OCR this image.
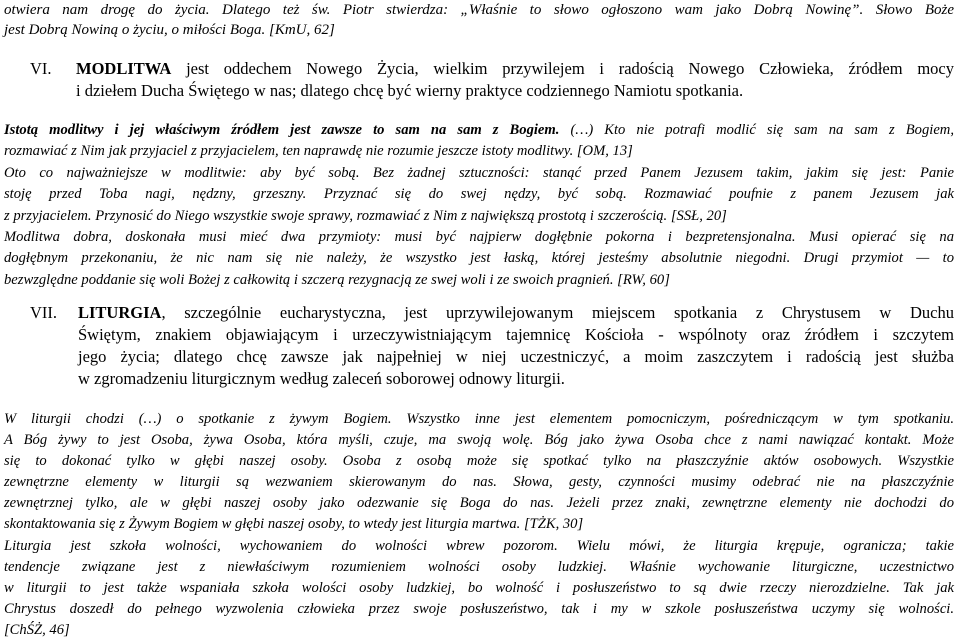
otwiera nam drogę do życia. Dlatego też św. Piotr stwierdza: „Właśnie to słowo ogłoszono wam jako Dobrą Nowinę”. Słowo Boże
jest Dobrą Nowiną o życiu, o miłości Boga. [KmU, 62]
VI. MODLITWA jest oddechem Nowego Życia, wielkim przywilejem i radością Nowego Człowieka, źródłem mocy
i dziełem Ducha Świętego w nas; dlatego chcę być wierny praktyce codziennego Namiotu spotkania.
Istotą modlitwy i jej właściwym źródłem jest zawsze to sam na sam z Bogiem. (…) Kto nie potrafi modlić się sam na sam z Bogiem,
rozmawiać z Nim jak przyjaciel z przyjacielem, ten naprawdę nie rozumie jeszcze istoty modlitwy. [OM, 13]
Oto co najważniejsze w modlitwie: aby być sobą. Bez żadnej sztuczności: stanąć przed Panem Jezusem takim, jakim się jest: Panie
stoję przed Toba nagi, nędzny, grzeszny. Przyznać się do swej nędzy, być sobą. Rozmawiać poufnie z panem Jezusem jak
z przyjacielem. Przynosić do Niego wszystkie swoje sprawy, rozmawiać z Nim z największą prostotą i szczerością. [SSŁ, 20]
Modlitwa dobra, doskonała musi mieć dwa przymioty: musi być najpierw dogłębnie pokorna i bezpretensjonalna. Musi opierać się na
dogłębnym przekonaniu, że nic nam się nie należy, że wszystko jest łaską, której jesteśmy absolutnie niegodni. Drugi przymiot — to
bezwzględne poddanie się woli Bożej z całkowitą i szczerą rezygnacją ze swej woli i ze swoich pragnień. [RW, 60]
VII. LITURGIA, szczególnie eucharystyczna, jest uprzywilejowanym miejscem spotkania z Chrystusem w Duchu
Świętym, znakiem objawiającym i urzeczywistniającym tajemnicę Kościoła - wspólnoty oraz źródłem i szczytem
jego życia; dlatego chcę zawsze jak najpełniej w niej uczestniczyć, a moim zaszczytem i radością jest służba
w zgromadzeniu liturgicznym według zaleceń soborowej odnowy liturgii.
W liturgii chodzi (…) o spotkanie z żywym Bogiem. Wszystko inne jest elementem pomocniczym, pośredniczącym w tym spotkaniu.
A Bóg żywy to jest Osoba, żywa Osoba, która myśli, czuje, ma swoją wolę. Bóg jako żywa Osoba chce z nami nawiązać kontakt. Może
się to dokonać tylko w głębi naszej osoby. Osoba z osobą może się spotkać tylko na płaszczyźnie aktów osobowych. Wszystkie
zewnętrzne elementy w liturgii są wezwaniem skierowanym do nas. Słowa, gesty, czynności musimy odebrać nie na płaszczyźnie
zewnętrznej tylko, ale w głębi naszej osoby jako odezwanie się Boga do nas. Jeżeli przez znaki, zewnętrzne elementy nie dochodzi do
skontaktowania się z Żywym Bogiem w głębi naszej osoby, to wtedy jest liturgia martwa. [TŻK, 30]
Liturgia jest szkoła wolności, wychowaniem do wolności wbrew pozorom. Wielu mówi, że liturgia krępuje, ogranicza; takie
tendencje związane jest z niewłaściwym rozumieniem wolności osoby ludzkiej. Właśnie wychowanie liturgiczne, uczestnictwo
w liturgii to jest także wspaniała szkoła wolości osoby ludzkiej, bo wolność i posłuszeństwo to są dwie rzeczy nierozdzielne. Tak jak
Chrystus doszedł do pełnego wyzwolenia człowieka przez swoje posłuszeństwo, tak i my w szkole posłuszeństwa uczymy się wolności.
[ChŚŻ, 46]
